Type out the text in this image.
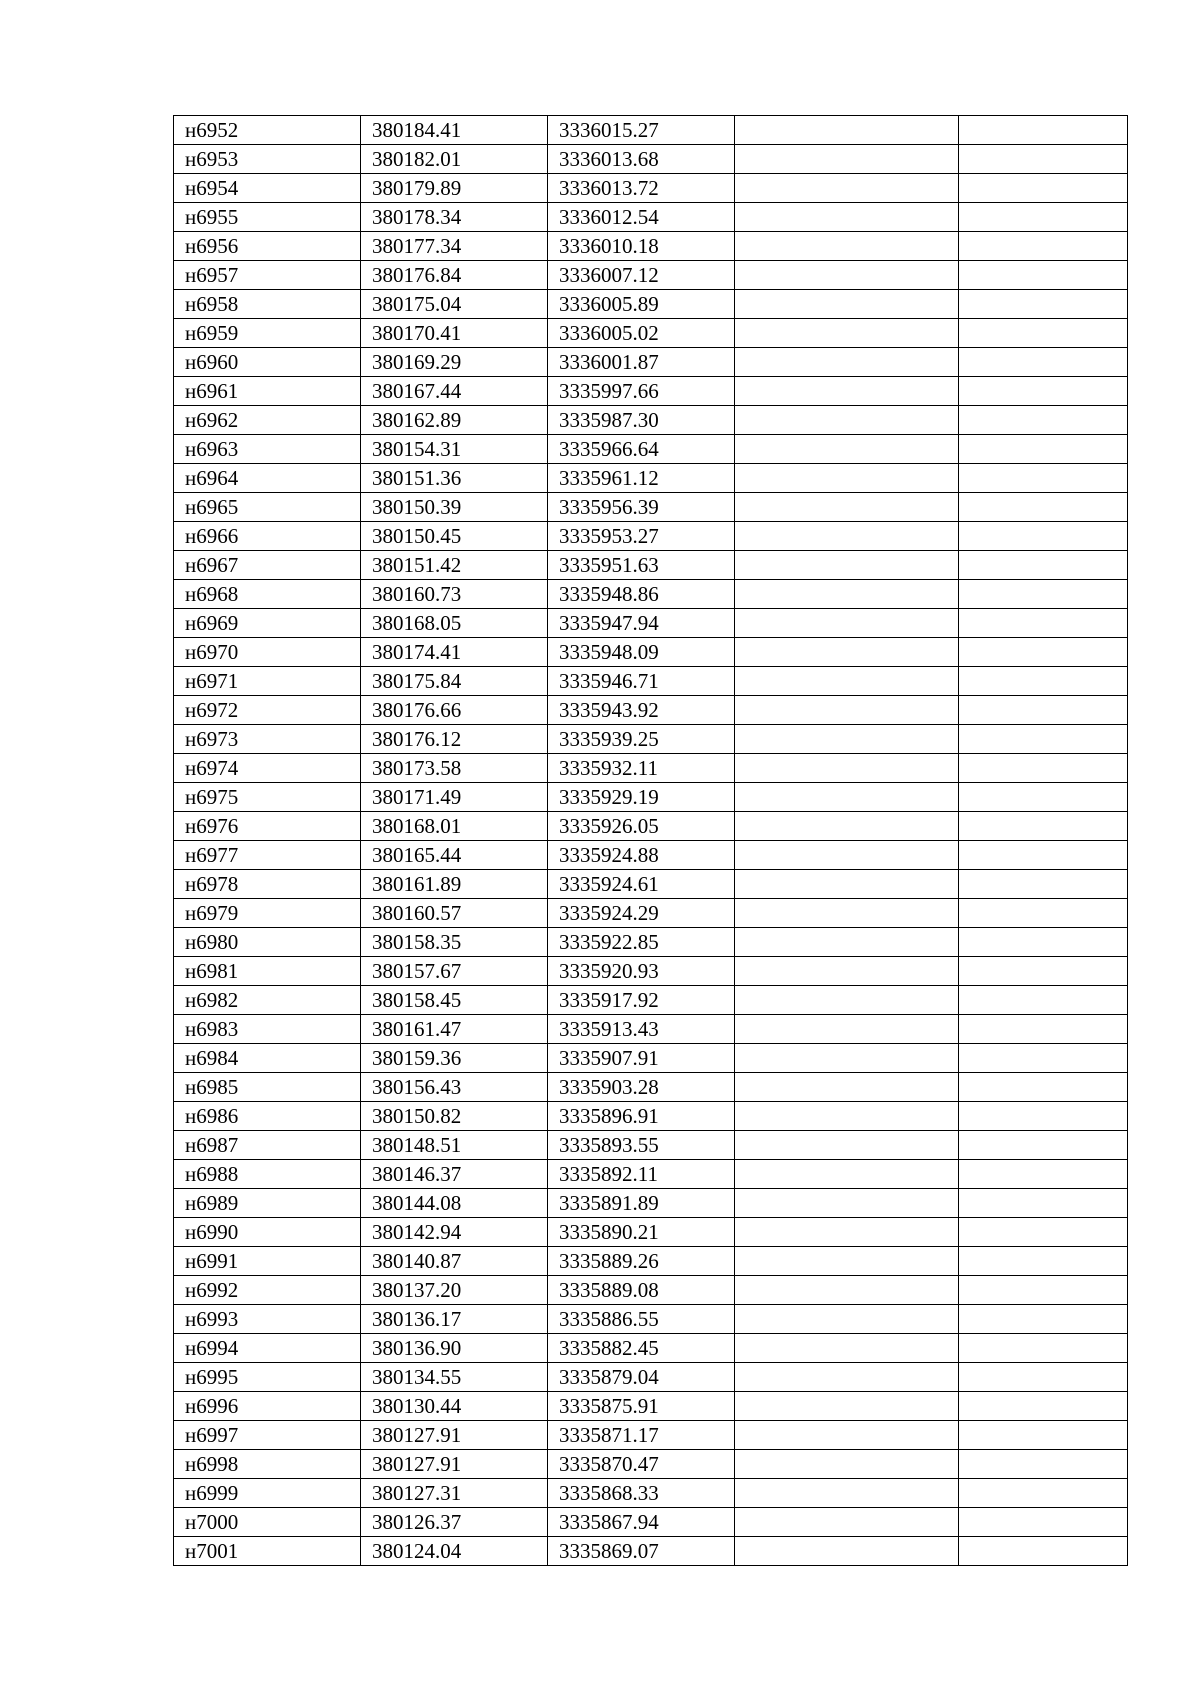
н6952	380184.41	3336015.27		
н6953	380182.01	3336013.68		
н6954	380179.89	3336013.72		
н6955	380178.34	3336012.54		
н6956	380177.34	3336010.18		
н6957	380176.84	3336007.12		
н6958	380175.04	3336005.89		
н6959	380170.41	3336005.02		
н6960	380169.29	3336001.87		
н6961	380167.44	3335997.66		
н6962	380162.89	3335987.30		
н6963	380154.31	3335966.64		
н6964	380151.36	3335961.12		
н6965	380150.39	3335956.39		
н6966	380150.45	3335953.27		
н6967	380151.42	3335951.63		
н6968	380160.73	3335948.86		
н6969	380168.05	3335947.94		
н6970	380174.41	3335948.09		
н6971	380175.84	3335946.71		
н6972	380176.66	3335943.92		
н6973	380176.12	3335939.25		
н6974	380173.58	3335932.11		
н6975	380171.49	3335929.19		
н6976	380168.01	3335926.05		
н6977	380165.44	3335924.88		
н6978	380161.89	3335924.61		
н6979	380160.57	3335924.29		
н6980	380158.35	3335922.85		
н6981	380157.67	3335920.93		
н6982	380158.45	3335917.92		
н6983	380161.47	3335913.43		
н6984	380159.36	3335907.91		
н6985	380156.43	3335903.28		
н6986	380150.82	3335896.91		
н6987	380148.51	3335893.55		
н6988	380146.37	3335892.11		
н6989	380144.08	3335891.89		
н6990	380142.94	3335890.21		
н6991	380140.87	3335889.26		
н6992	380137.20	3335889.08		
н6993	380136.17	3335886.55		
н6994	380136.90	3335882.45		
н6995	380134.55	3335879.04		
н6996	380130.44	3335875.91		
н6997	380127.91	3335871.17		
н6998	380127.91	3335870.47		
н6999	380127.31	3335868.33		
н7000	380126.37	3335867.94		
н7001	380124.04	3335869.07		
